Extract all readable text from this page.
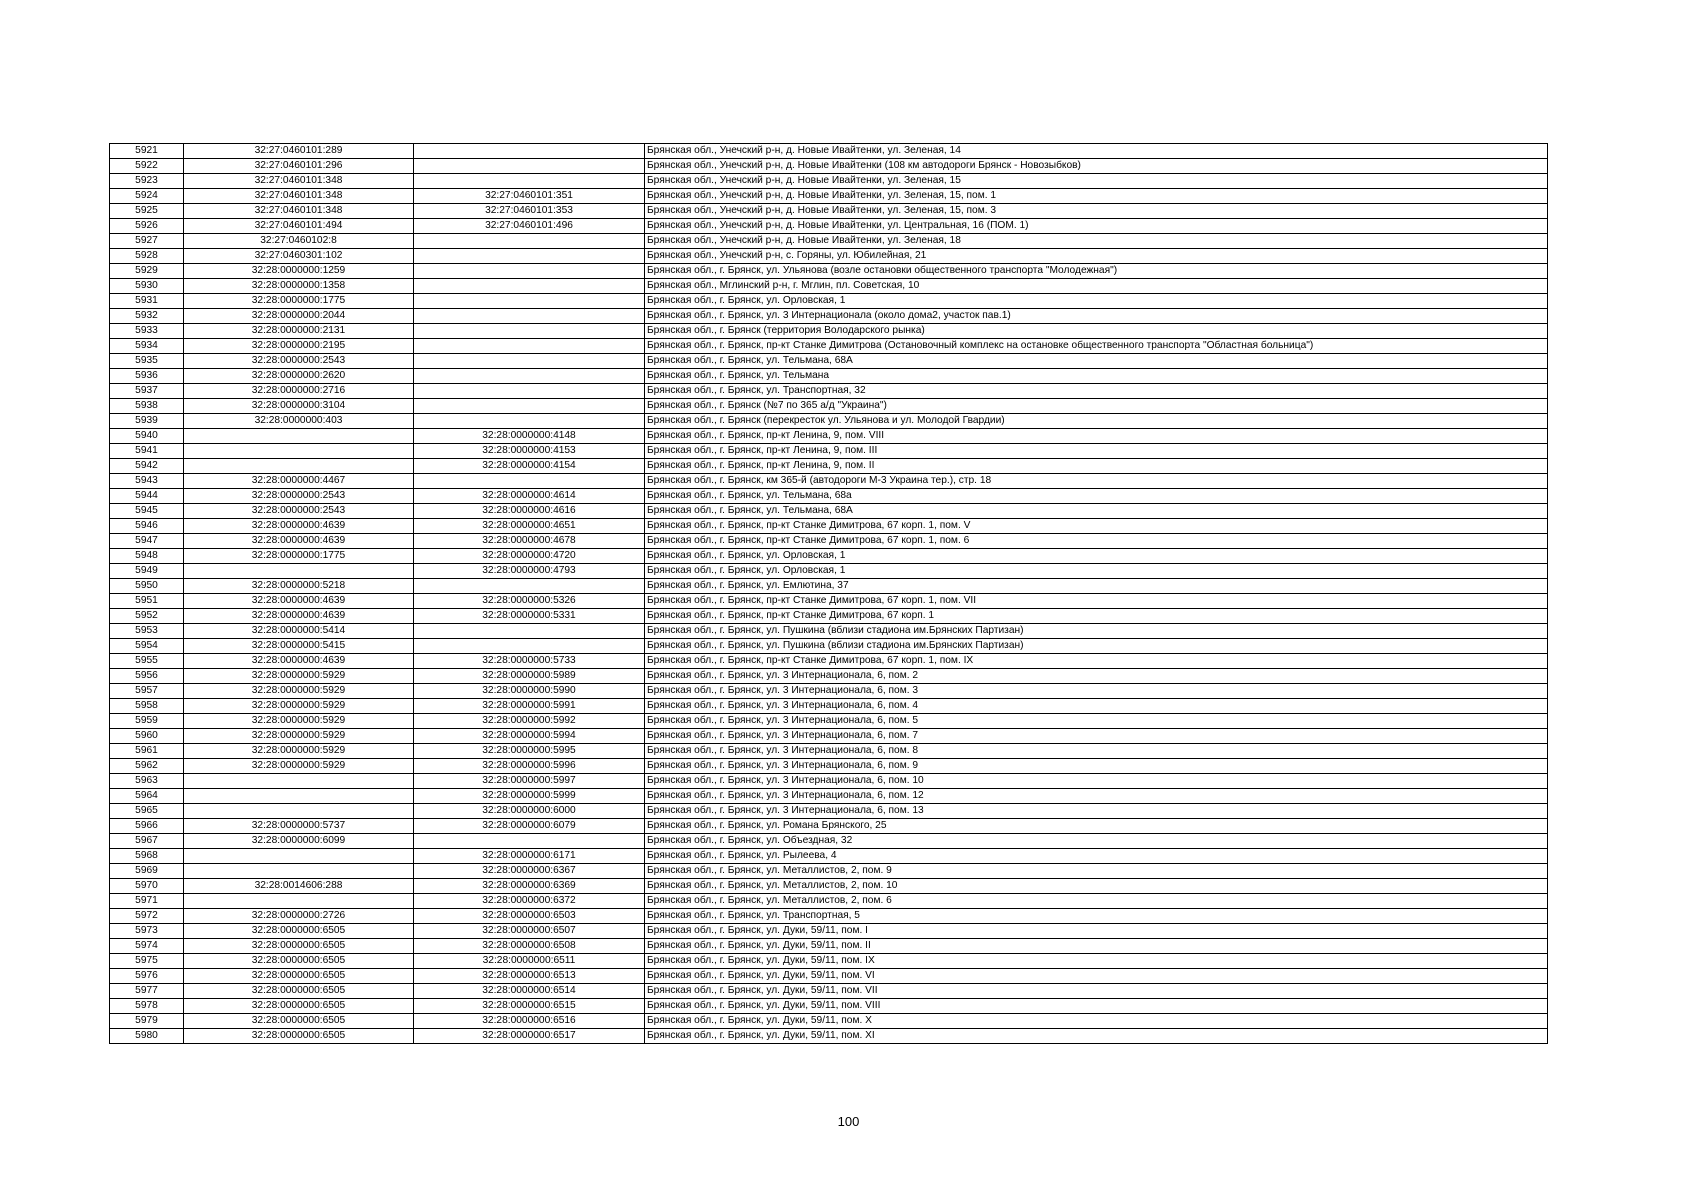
5921	32:27:0460101:289		Брянская обл., Унечский р-н, д. Новые Ивайтенки, ул. Зеленая, 14
5922	32:27:0460101:296		Брянская обл., Унечский р-н, д. Новые Ивайтенки (108 км автодороги Брянск - Новозыбков)
5923	32:27:0460101:348		Брянская обл., Унечский р-н, д. Новые Ивайтенки, ул. Зеленая, 15
5924	32:27:0460101:348	32:27:0460101:351	Брянская обл., Унечский р-н, д. Новые Ивайтенки, ул. Зеленая, 15, пом. 1
5925	32:27:0460101:348	32:27:0460101:353	Брянская обл., Унечский р-н, д. Новые Ивайтенки, ул. Зеленая, 15, пом. 3
5926	32:27:0460101:494	32:27:0460101:496	Брянская обл., Унечский р-н, д. Новые Ивайтенки, ул. Центральная, 16 (ПОМ. 1)
5927	32:27:0460102:8		Брянская обл., Унечский р-н, д. Новые Ивайтенки, ул. Зеленая, 18
5928	32:27:0460301:102		Брянская обл., Унечский р-н, с. Горяны, ул. Юбилейная, 21
5929	32:28:0000000:1259		Брянская обл., г. Брянск, ул. Ульянова (возле остановки общественного транспорта "Молодежная")
5930	32:28:0000000:1358		Брянская обл., Мглинский р-н, г. Мглин, пл. Советская, 10
5931	32:28:0000000:1775		Брянская обл., г. Брянск, ул. Орловская, 1
5932	32:28:0000000:2044		Брянская обл., г. Брянск, ул. 3 Интернационала (около дома2, участок пав.1)
5933	32:28:0000000:2131		Брянская обл., г. Брянск (территория Володарского рынка)
5934	32:28:0000000:2195		Брянская обл., г. Брянск, пр-кт Станке Димитрова (Остановочный комплекс на остановке общественного транспорта "Областная больница")
5935	32:28:0000000:2543		Брянская обл., г. Брянск, ул. Тельмана, 68А
5936	32:28:0000000:2620		Брянская обл., г. Брянск, ул. Тельмана
5937	32:28:0000000:2716		Брянская обл., г. Брянск, ул. Транспортная, 32
5938	32:28:0000000:3104		Брянская обл., г. Брянск (№7 по 365 а/д "Украина")
5939	32:28:0000000:403		Брянская обл., г. Брянск (перекресток ул. Ульянова и ул. Молодой Гвардии)
5940		32:28:0000000:4148	Брянская обл., г. Брянск, пр-кт Ленина, 9, пом. VIII
5941		32:28:0000000:4153	Брянская обл., г. Брянск, пр-кт Ленина, 9, пом. III
5942		32:28:0000000:4154	Брянская обл., г. Брянск, пр-кт Ленина, 9, пом. II
5943	32:28:0000000:4467		Брянская обл., г. Брянск, км 365-й (автодороги М-3 Украина тер.), стр. 18
5944	32:28:0000000:2543	32:28:0000000:4614	Брянская обл., г. Брянск, ул. Тельмана, 68а
5945	32:28:0000000:2543	32:28:0000000:4616	Брянская обл., г. Брянск, ул. Тельмана, 68А
5946	32:28:0000000:4639	32:28:0000000:4651	Брянская обл., г. Брянск, пр-кт Станке Димитрова, 67 корп. 1, пом. V
5947	32:28:0000000:4639	32:28:0000000:4678	Брянская обл., г. Брянск, пр-кт Станке Димитрова, 67 корп. 1, пом. 6
5948	32:28:0000000:1775	32:28:0000000:4720	Брянская обл., г. Брянск, ул. Орловская, 1
5949		32:28:0000000:4793	Брянская обл., г. Брянск, ул. Орловская, 1
5950	32:28:0000000:5218		Брянская обл., г. Брянск, ул. Емлютина, 37
5951	32:28:0000000:4639	32:28:0000000:5326	Брянская обл., г. Брянск, пр-кт Станке Димитрова, 67 корп. 1, пом. VII
5952	32:28:0000000:4639	32:28:0000000:5331	Брянская обл., г. Брянск, пр-кт Станке Димитрова, 67 корп. 1
5953	32:28:0000000:5414		Брянская обл., г. Брянск, ул. Пушкина (вблизи стадиона им.Брянских Партизан)
5954	32:28:0000000:5415		Брянская обл., г. Брянск, ул. Пушкина (вблизи стадиона им.Брянских Партизан)
5955	32:28:0000000:4639	32:28:0000000:5733	Брянская обл., г. Брянск, пр-кт Станке Димитрова, 67 корп. 1, пом. IX
5956	32:28:0000000:5929	32:28:0000000:5989	Брянская обл., г. Брянск, ул. 3 Интернационала, 6, пом. 2
5957	32:28:0000000:5929	32:28:0000000:5990	Брянская обл., г. Брянск, ул. 3 Интернационала, 6, пом. 3
5958	32:28:0000000:5929	32:28:0000000:5991	Брянская обл., г. Брянск, ул. 3 Интернационала, 6, пом. 4
5959	32:28:0000000:5929	32:28:0000000:5992	Брянская обл., г. Брянск, ул. 3 Интернационала, 6, пом. 5
5960	32:28:0000000:5929	32:28:0000000:5994	Брянская обл., г. Брянск, ул. 3 Интернационала, 6, пом. 7
5961	32:28:0000000:5929	32:28:0000000:5995	Брянская обл., г. Брянск, ул. 3 Интернационала, 6, пом. 8
5962	32:28:0000000:5929	32:28:0000000:5996	Брянская обл., г. Брянск, ул. 3 Интернационала, 6, пом. 9
5963		32:28:0000000:5997	Брянская обл., г. Брянск, ул. 3 Интернационала, 6, пом. 10
5964		32:28:0000000:5999	Брянская обл., г. Брянск, ул. 3 Интернационала, 6, пом. 12
5965		32:28:0000000:6000	Брянская обл., г. Брянск, ул. 3 Интернационала, 6, пом. 13
5966	32:28:0000000:5737	32:28:0000000:6079	Брянская обл., г. Брянск, ул. Романа Брянского, 25
5967	32:28:0000000:6099		Брянская обл., г. Брянск, ул. Объездная, 32
5968		32:28:0000000:6171	Брянская обл., г. Брянск, ул. Рылеева, 4
5969		32:28:0000000:6367	Брянская обл., г. Брянск, ул. Металлистов, 2, пом. 9
5970	32:28:0014606:288	32:28:0000000:6369	Брянская обл., г. Брянск, ул. Металлистов, 2, пом. 10
5971		32:28:0000000:6372	Брянская обл., г. Брянск, ул. Металлистов, 2, пом. 6
5972	32:28:0000000:2726	32:28:0000000:6503	Брянская обл., г. Брянск, ул. Транспортная, 5
5973	32:28:0000000:6505	32:28:0000000:6507	Брянская обл., г. Брянск, ул. Дуки, 59/11, пом. I
5974	32:28:0000000:6505	32:28:0000000:6508	Брянская обл., г. Брянск, ул. Дуки, 59/11, пом. II
5975	32:28:0000000:6505	32:28:0000000:6511	Брянская обл., г. Брянск, ул. Дуки, 59/11, пом. IX
5976	32:28:0000000:6505	32:28:0000000:6513	Брянская обл., г. Брянск, ул. Дуки, 59/11, пом. VI
5977	32:28:0000000:6505	32:28:0000000:6514	Брянская обл., г. Брянск, ул. Дуки, 59/11, пом. VII
5978	32:28:0000000:6505	32:28:0000000:6515	Брянская обл., г. Брянск, ул. Дуки, 59/11, пом. VIII
5979	32:28:0000000:6505	32:28:0000000:6516	Брянская обл., г. Брянск, ул. Дуки, 59/11, пом. X
5980	32:28:0000000:6505	32:28:0000000:6517	Брянская обл., г. Брянск, ул. Дуки, 59/11, пом. XI
100
